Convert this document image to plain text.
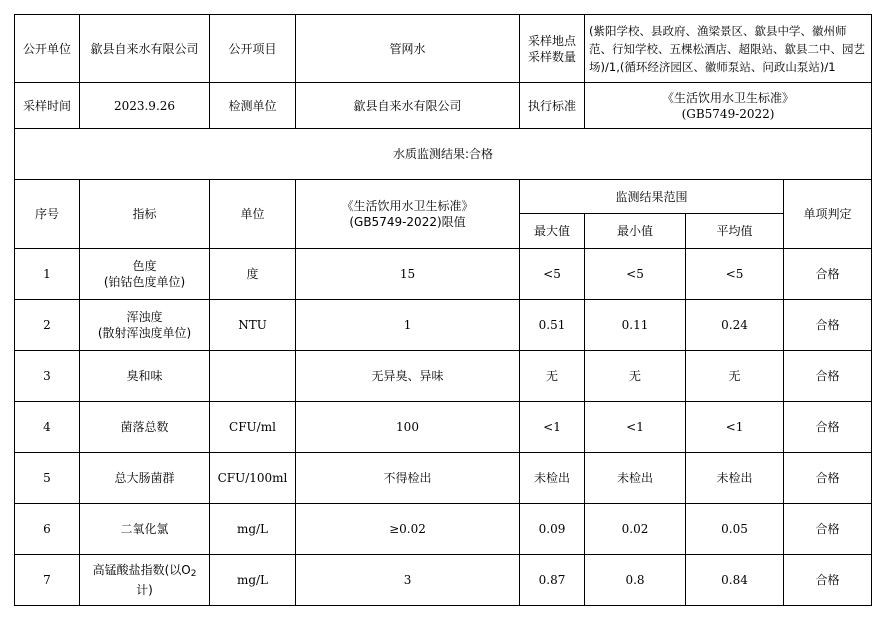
公开单位	歙县自来水有限公司	公开项目	管网水	采样地点
采样数量	(紫阳学校、县政府、渔梁景区、歙县中学、徽州师范、行知学校、五棵松酒店、超限站、歙县二中、园艺场)/1,(循环经济园区、徽师泵站、问政山泵站)/1		
采样时间	2023.9.26	检测单位	歙县自来水有限公司	执行标准	《生活饮用水卫生标准》
(GB5749-2022)		

水质监测结果:合格							
序号	指标	单位	《生活饮用水卫生标准》
(GB5749-2022)限值	监测结果范围			单项判定
				最大值	最小值	平均值	
1	色度
(铂钴色度单位)	度	15	<5	<5	<5	合格
2	浑浊度
(散射浑浊度单位)	NTU	1	0.51	0.11	0.24	合格
3	臭和味		无异臭、异味	无	无	无	合格
4	菌落总数	CFU/ml	100	<1	<1	<1	合格
5	总大肠菌群	CFU/100ml	不得检出	未检出	未检出	未检出	合格
6	二氧化氯	mg/L	≥0.02	0.09	0.02	0.05	合格
7	高锰酸盐指数(以$O_2$
计)	mg/L	3	0.87	0.8	0.84	合格
